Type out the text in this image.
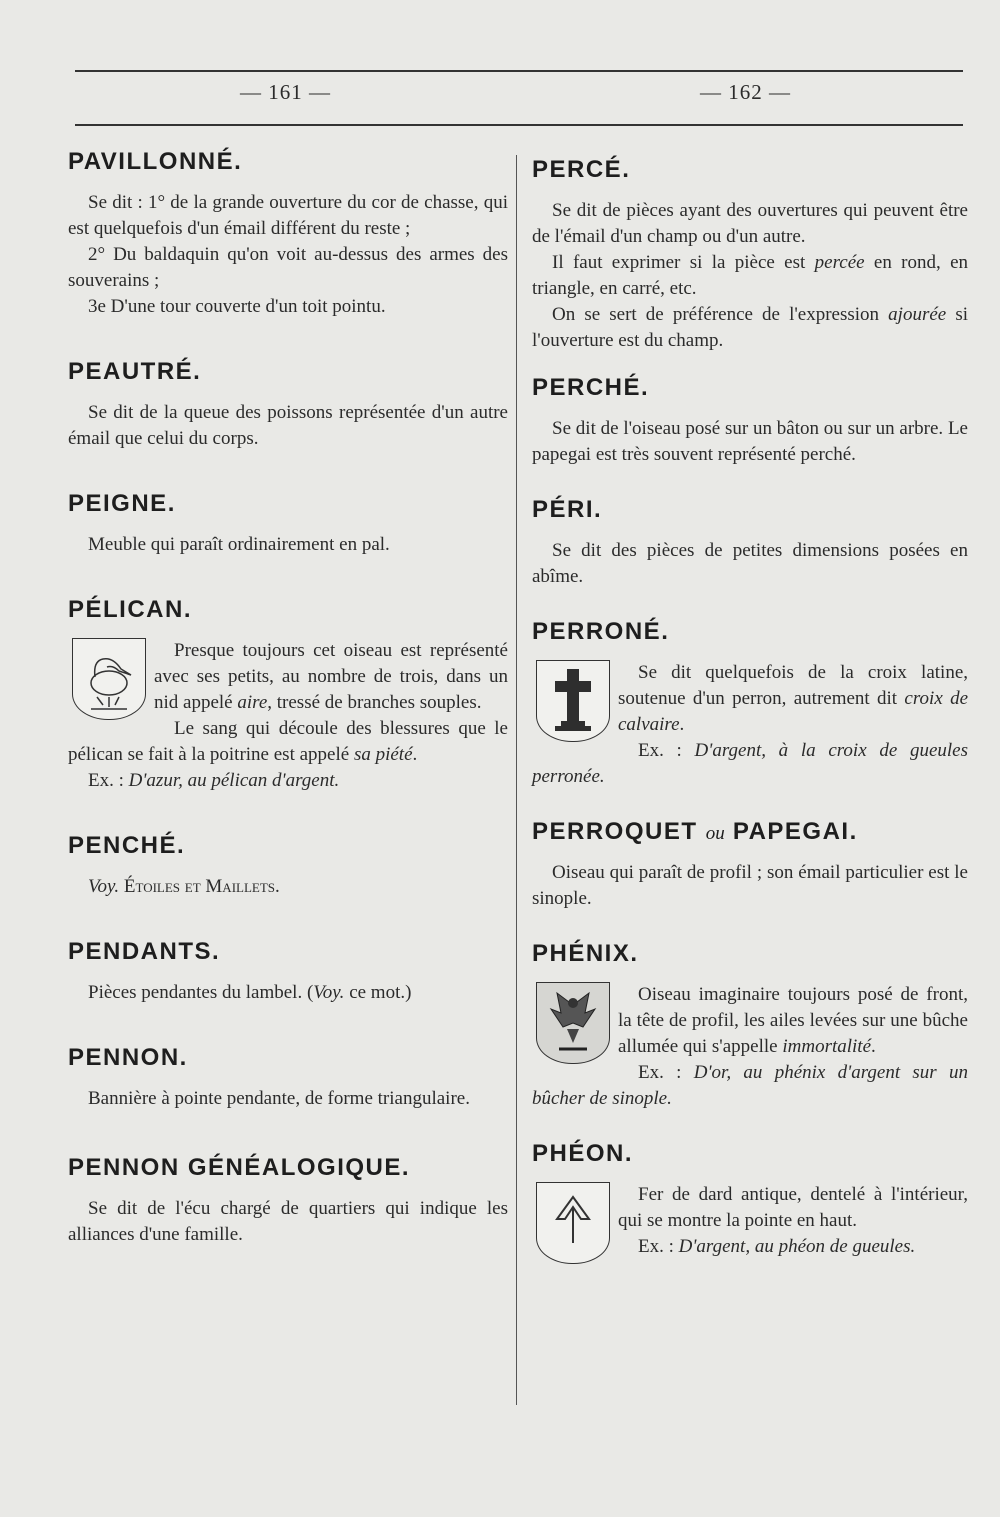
— 161 —	— 162 —
PAVILLONNÉ.

Se dit : 1° de la grande ouverture du cor de chasse, qui est quelquefois d'un émail différent du reste ;

2° Du baldaquin qu'on voit au-dessus des armes des souverains ;

3e D'une tour couverte d'un toit pointu.

PEAUTRÉ.

Se dit de la queue des poissons représentée d'un autre émail que celui du corps.

PEIGNE.

Meuble qui paraît ordinairement en pal.

PÉLICAN.

Presque toujours cet oiseau est représenté avec ses petits, au nombre de trois, dans un nid appelé aire, tressé de branches souples.

Le sang qui découle des blessures que le pélican se fait à la poitrine est appelé sa piété.

Ex. : D'azur, au pélican d'argent.

PENCHÉ.

Voy. Étoiles et Maillets.

PENDANTS.

Pièces pendantes du lambel. (Voy. ce mot.)

PENNON.

Bannière à pointe pendante, de forme triangulaire.

PENNON GÉNÉALOGIQUE.

Se dit de l'écu chargé de quartiers qui indique les alliances d'une famille.

PERCÉ.

Se dit de pièces ayant des ouvertures qui peuvent être de l'émail d'un champ ou d'un autre.

Il faut exprimer si la pièce est percée en rond, en triangle, en carré, etc.

On se sert de préférence de l'expression ajourée si l'ouverture est du champ.

PERCHÉ.

Se dit de l'oiseau posé sur un bâton ou sur un arbre. Le papegai est très souvent représenté perché.

PÉRI.

Se dit des pièces de petites dimensions posées en abîme.

PERRONÉ.

Se dit quelquefois de la croix latine, soutenue d'un perron, autrement dit croix de calvaire.

Ex. : D'argent, à la croix de gueules perronée.

PERROQUET ou PAPEGAI.

Oiseau qui paraît de profil ; son émail particulier est le sinople.

PHÉNIX.

Oiseau imaginaire toujours posé de front, la tête de profil, les ailes levées sur une bûche allumée qui s'appelle immortalité.

Ex. : D'or, au phénix d'argent sur un bûcher de sinople.

PHÉON.

Fer de dard antique, dentelé à l'intérieur, qui se montre la pointe en haut.

Ex. : D'argent, au phéon de gueules.
